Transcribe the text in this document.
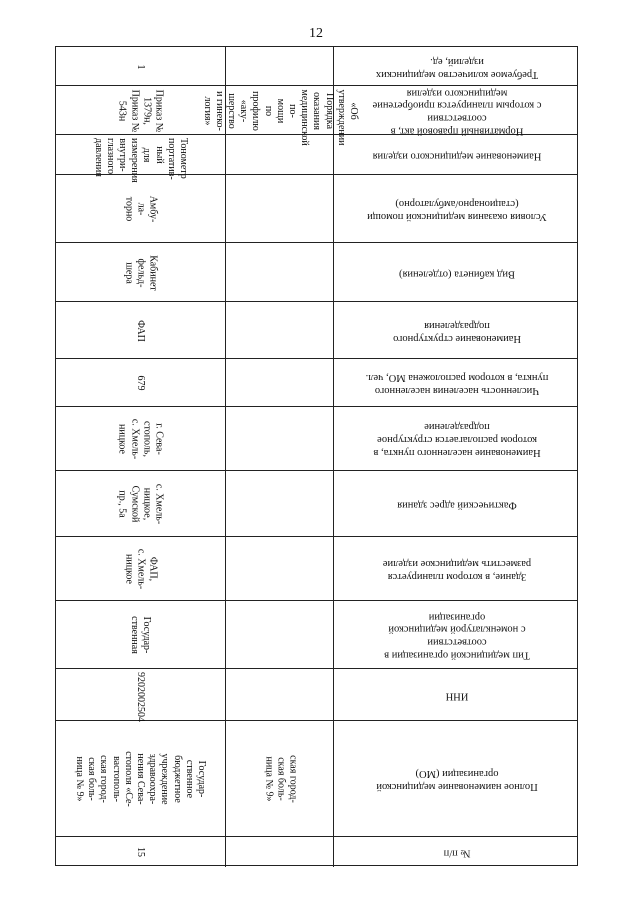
12
№ п/п
15
Полное наименование медицинской
организации (МО)
Государ-
ственное
бюджетное
учреждение
здравоохра-
нения Сева-
стополя «Се-
вастополь-
ская город-
ская боль-
ница № 9»
ская город-
ская боль-
ница № 9»
ИНН
9202002504
Тип медицинской организации в
соответствии
с номенклатурой медицинской
организации
Государ-
ственная
Здание, в котором планируется
разместить медицинское изделие
ФАП,
с. Хмель-
ницкое
Фактический адрес здания
с. Хмель-
ницкое,
Сумской
пр., 5а
Наименование населенного пункта, в
котором располагается структурное
подразделение
г. Сева-
стополь,
с. Хмель-
ницкое
Численность населения населенного
пункта, в котором расположена МО, чел.
679
Наименование структурного
подразделения
ФАП
Вид кабинета (отделения)
Кабинет
фельд-
шера
Условия оказания медицинской помощи
(стационарно/амбулаторно)
Амбу-
ла-
торно
Наименование медицинского изделия
Тонометр
портатив-
ный для
измерения
внутри-
глазного
давления
Нормативный правовой акт, в
соответствии
с которым планируется приобретение
медицинского изделия
Приказ № 1379н,
Приказ № 543н	«Об утверждении
Порядка оказания
медицинской по-
мощи
по профилю «аку-
шерство и гинеко-
логия»
Требуемое количество медицинских
изделий, ед.
1
